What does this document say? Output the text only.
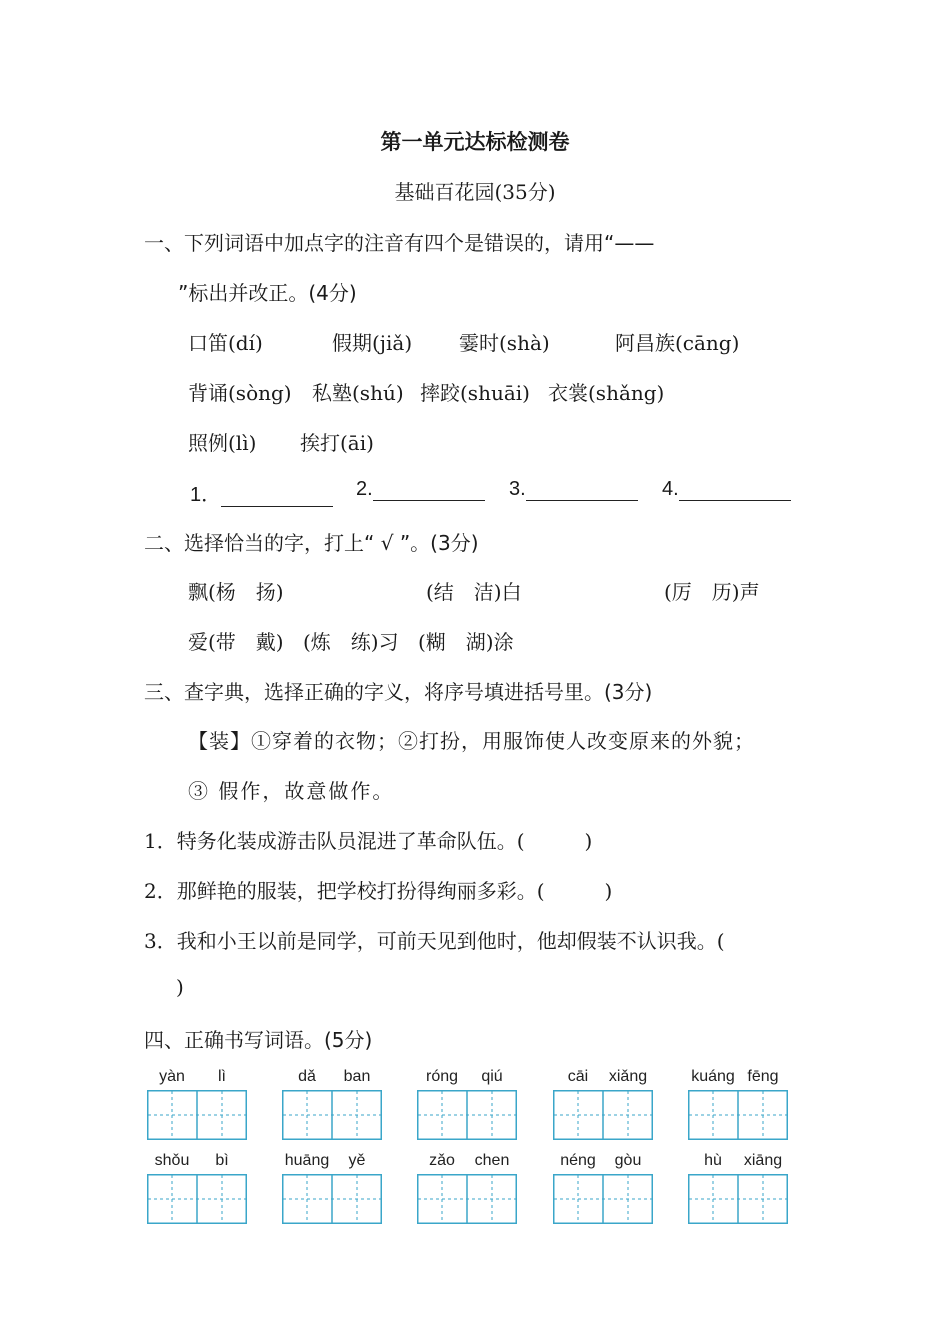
第一单元达标检测卷
基础百花园(35分)
一、下列词语中加点字的注音有四个是错误的，请用“——
”标出并改正。(4分)
口笛(dí)	假期(jiǎ) 霎时(shà)	阿昌族(cāng)
背诵(sòng) 私塾(shú) 摔跤(shuāi) 衣裳(shǎng)
照例(lì) 挨打(āi)
1．	2.	3.	4.
二、选择恰当的字，打上“ √ ”。(3分)
飘(杨　扬)	(结　洁)白	(厉　历)声
爱(带　戴) (炼　练)习 (糊　湖)涂
三、查字典，选择正确的字义，将序号填进括号里。(3分)
【装】①穿着的衣物；②打扮，用服饰使人改变原来的外貌；
③ 假作，故意做作。
1．特务化装成游击队员混进了革命队伍。(　　　)
2．那鲜艳的服装，把学校打扮得绚丽多彩。(　　　)
3．我和小王以前是同学，可前天见到他时，他却假装不认识我。(
)
四、正确书写词语。(5分)
yàn	lì	dǎ	ban	róng	qiú	cāi	xiǎng	kuáng fēng
shǒu	bì	huāng	yě	zǎo	chen	néng	gòu	hù	xiāng
